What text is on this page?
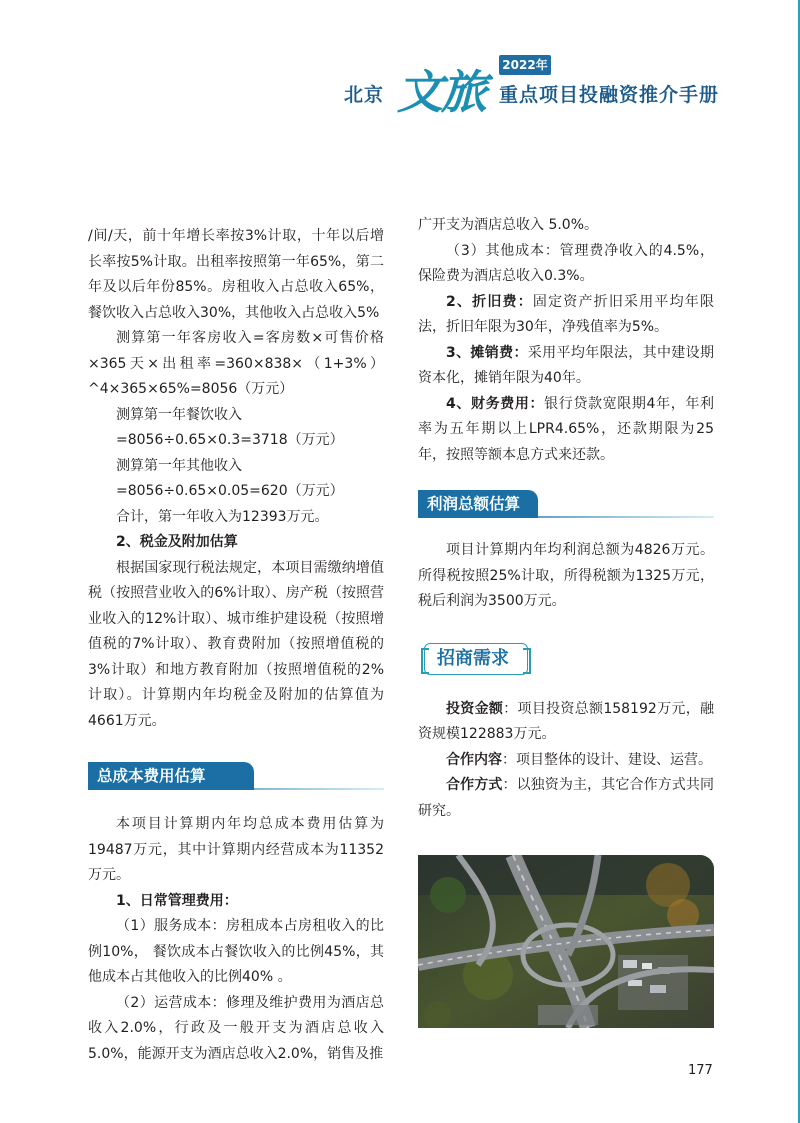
北京 文旅 2022年
重点项目投融资推介手册

/间/天，前十年增长率按3%计取，十年以后增长率按5%计取。出租率按照第一年65%，第二年及以后年份85%。房租收入占总收入65%，餐饮收入占总收入30%，其他收入占总收入5%

测算第一年客房收入=客房数×可售价格×365天×出租率=360×838×（1+3%）^4×365×65%=8056（万元）

测算第一年餐饮收入

=8056÷0.65×0.3=3718（万元）

测算第一年其他收入

=8056÷0.65×0.05=620（万元）

合计，第一年收入为12393万元。

2、税金及附加估算

根据国家现行税法规定，本项目需缴纳增值税（按照营业收入的6%计取）、房产税（按照营业收入的12%计取）、城市维护建设税（按照增值税的7%计取）、教育费附加（按照增值税的3%计取）和地方教育附加（按照增值税的2%计取）。计算期内年均税金及附加的估算值为4661万元。

总成本费用估算

本项目计算期内年均总成本费用估算为19487万元，其中计算期内经营成本为11352万元。

1、日常管理费用：

（1）服务成本：房租成本占房租收入的比例10%， 餐饮成本占餐饮收入的比例45%，其他成本占其他收入的比例40% 。

（2）运营成本：修理及维护费用为酒店总收入2.0%，行政及一般开支为酒店总收入5.0%，能源开支为酒店总收入2.0%，销售及推

广开支为酒店总收入 5.0%。

（3）其他成本：管理费净收入的4.5%，保险费为酒店总收入0.3%。

2、折旧费：固定资产折旧采用平均年限法，折旧年限为30年，净残值率为5%。

3、摊销费：采用平均年限法，其中建设期资本化，摊销年限为40年。

4、财务费用：银行贷款宽限期4年，年利率为五年期以上LPR4.65%，还款期限为25年，按照等额本息方式来还款。

利润总额估算

项目计算期内年均利润总额为4826万元。所得税按照25%计取，所得税额为1325万元，税后利润为3500万元。

招商需求

投资金额：项目投资总额158192万元，融资规模122883万元。

合作内容：项目整体的设计、建设、运营。

合作方式：以独资为主，其它合作方式共同研究。

177
